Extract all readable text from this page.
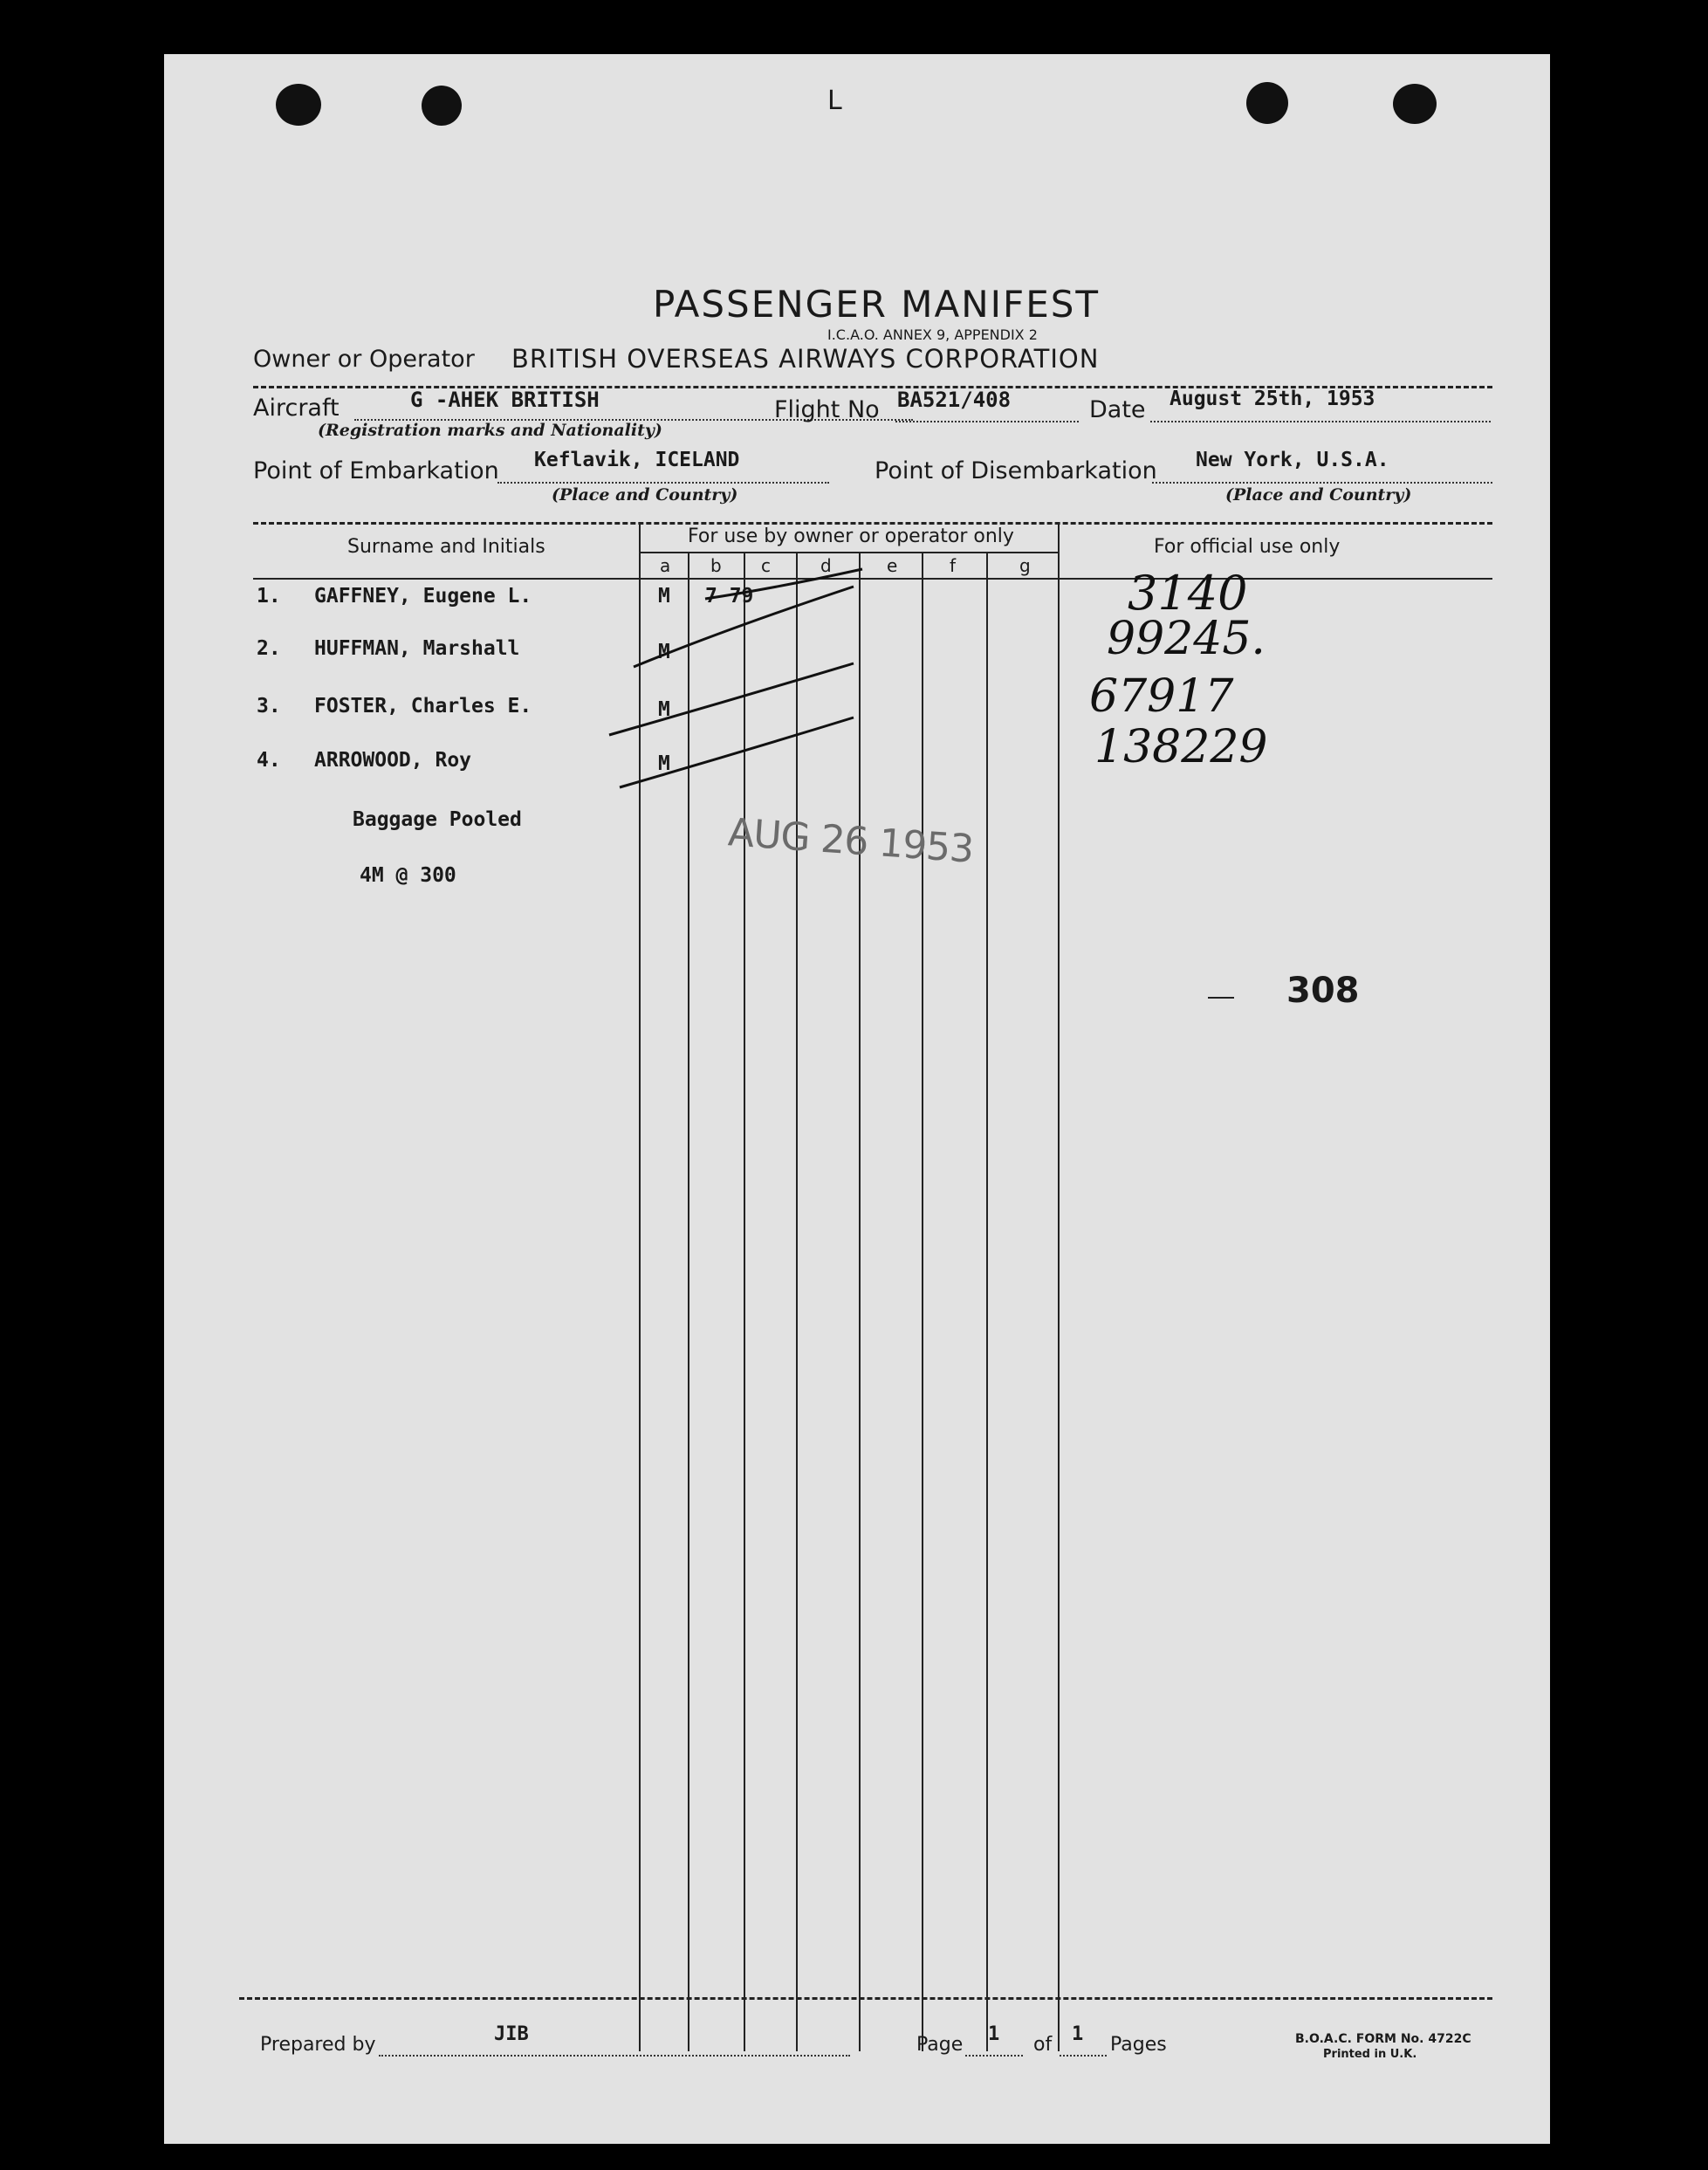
L
PASSENGER MANIFEST
I.C.A.O. ANNEX 9, APPENDIX 2
Owner or Operator BRITISH OVERSEAS AIRWAYS CORPORATION
Aircraft	G -AHEK BRITISH
(Registration marks and Nationality)
Flight No BA521/408	Date August 25th, 1953
Point of Embarkation Keflavik, ICELAND
(Place and Country)
Point of Disembarkation New York, U.S.A.
(Place and Country)
Surname and Initials	For use by owner or operator only	For official use only
a b c	d	e	f	g
1. GAFFNEY, Eugene L.	M 7 79	3140
2. HUFFMAN, Marshall	M	99245.
3. FOSTER, Charles E.	M	67917
4. ARROWOOD, Roy	M	138229
Baggage Pooled
4M @ 300
AUG 26 1953
308
Prepared by	JIB	Page 1 of 1 Pages	B.O.A.C. FORM No. 4722C
Printed in U.K.
